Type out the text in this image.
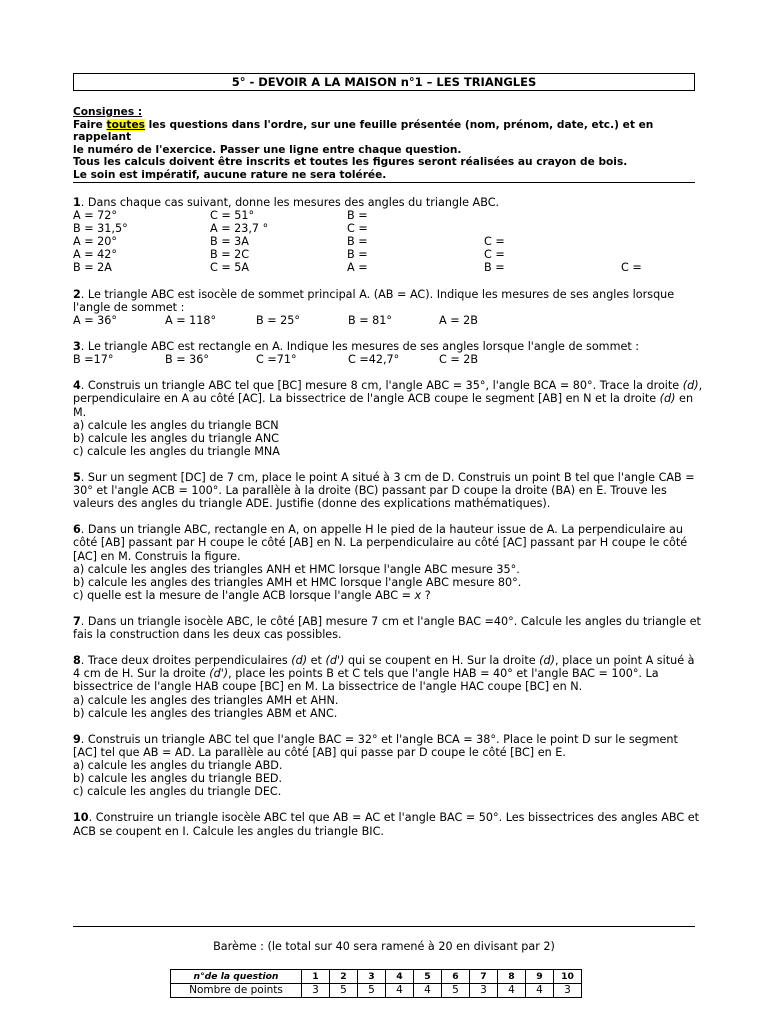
5° - DEVOIR A LA MAISON n°1 – LES TRIANGLES
Consignes :
Faire toutes les questions dans l'ordre, sur une feuille présentée (nom, prénom, date, etc.) et en rappelant
le numéro de l'exercice. Passer une ligne entre chaque question.
Tous les calculs doivent être inscrits et toutes les figures seront réalisées au crayon de bois.
Le soin est impératif, aucune rature ne sera tolérée.

1. Dans chaque cas suivant, donne les mesures des angles du triangle ABC.

A = 72°	C = 51°	B =
B = 31,5°	A = 23,7 °	C =
A = 20°	B = 3A	B =	C =
A = 42°	B = 2C	B =	C =
B = 2A	C = 5A	A =	B =	C =

2. Le triangle ABC est isocèle de sommet principal A. (AB = AC). Indique les mesures de ses angles lorsque l'angle de sommet :

A = 36°	A = 118°	B = 25°	B = 81°	A = 2B

3. Le triangle ABC est rectangle en A. Indique les mesures de ses angles lorsque l'angle de sommet :

B =17°	B = 36°	C =71°	C =42,7°	C = 2B

4. Construis un triangle ABC tel que [BC] mesure 8 cm, l'angle ABC = 35°, l'angle BCA = 80°. Trace la droite (d), perpendiculaire en A au côté [AC]. La bissectrice de l'angle ACB coupe le segment [AB] en N et la droite (d) en M.

a) calcule les angles du triangle BCN

b) calcule les angles du triangle ANC

c) calcule les angles du triangle MNA

5. Sur un segment [DC] de 7 cm, place le point A situé à 3 cm de D. Construis un point B tel que l'angle CAB = 30° et l'angle ACB = 100°. La parallèle à la droite (BC) passant par D coupe la droite (BA) en E. Trouve les valeurs des angles du triangle ADE. Justifie (donne des explications mathématiques).

6. Dans un triangle ABC, rectangle en A, on appelle H le pied de la hauteur issue de A. La perpendiculaire au côté [AB] passant par H coupe le côté [AB] en N. La perpendiculaire au côté [AC] passant par H coupe le côté [AC] en M. Construis la figure.

a) calcule les angles des triangles ANH et HMC lorsque l'angle ABC mesure 35°.

b) calcule les angles des triangles AMH et HMC lorsque l'angle ABC mesure 80°.

c) quelle est la mesure de l'angle ACB lorsque l'angle ABC = x ?

7. Dans un triangle isocèle ABC, le côté [AB] mesure 7 cm et l'angle BAC =40°. Calcule les angles du triangle et fais la construction dans les deux cas possibles.

8. Trace deux droites perpendiculaires (d) et (d') qui se coupent en H. Sur la droite (d), place un point A situé à 4 cm de H. Sur la droite (d'), place les points B et C tels que l'angle HAB = 40° et l'angle BAC = 100°. La bissectrice de l'angle HAB coupe [BC] en M. La bissectrice de l'angle HAC coupe [BC] en N.

a) calcule les angles des triangles AMH et AHN.

b) calcule les angles des triangles ABM et ANC.

9. Construis un triangle ABC tel que l'angle BAC = 32° et l'angle BCA = 38°. Place le point D sur le segment [AC] tel que AB = AD. La parallèle au côté [AB] qui passe par D coupe le côté [BC] en E.

a) calcule les angles du triangle ABD.

b) calcule les angles du triangle BED.

c) calcule les angles du triangle DEC.

10. Construire un triangle isocèle ABC tel que AB = AC et l'angle BAC = 50°. Les bissectrices des angles ABC et ACB se coupent en I. Calcule les angles du triangle BIC.

Barème : (le total sur 40 sera ramené à 20 en divisant par 2)
n°de la question	1	2	3	4	5	6	7	8	9	10
Nombre de points	3	5	5	4	4	5	3	4	4	3
